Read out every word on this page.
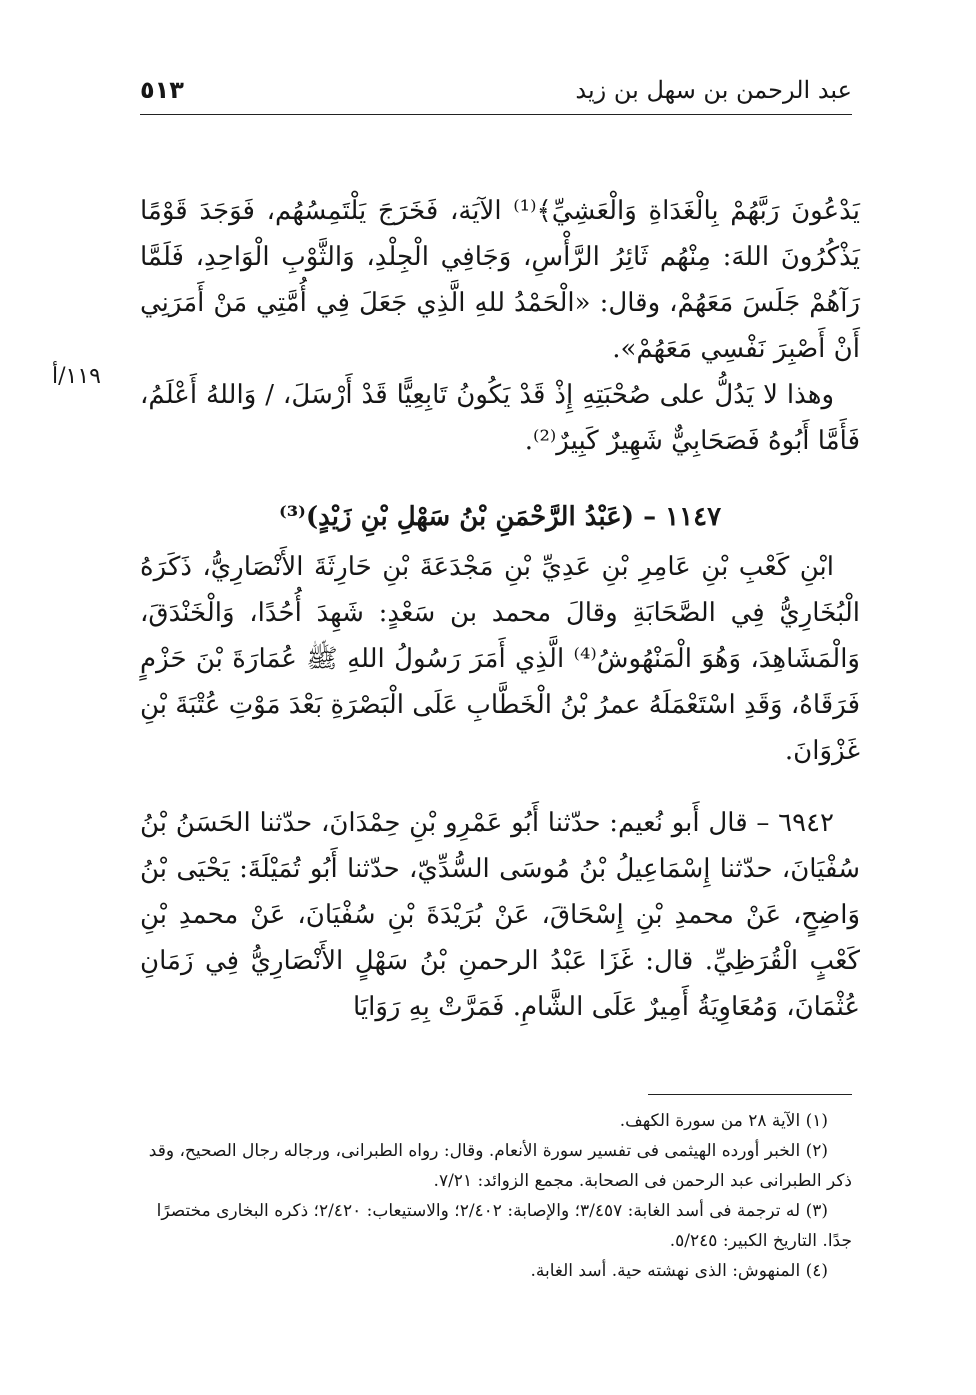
٥١٣	عبد الرحمن بن سهل بن زيد
١١٩/أ

يَدْعُونَ رَبَّهُمْ بِالْغَدَاةِ وَالْعَشِيِّ﴾⁽¹⁾ الآيَة، فَخَرَجَ يَلْتَمِسُهُم، فَوَجَدَ قَوْمًا يَذْكُرُونَ اللهَ: مِنْهُم ثَائِرُ الرَّأْسِ، وَجَافِي الْجِلْدِ، وَالثَّوْبِ الْوَاحِدِ، فَلَمَّا رَآهُمْ جَلَسَ مَعَهُمْ، وقال: «الْحَمْدُ للهِ الَّذِي جَعَلَ فِي أُمَّتِي مَنْ أَمَرَنِي أَنْ أَصْبِرَ نَفْسِي مَعَهُمْ».

وهذا لا يَدُلُّ على صُحْبَتِهِ إِذْ قَدْ يَكُونُ تَابِعِيًّا قَدْ أَرْسَلَ، / وَاللهُ أَعْلَمُ، فَأَمَّا أَبُوهُ فَصَحَابِيٌّ شَهِيرٌ كَبِيرٌ⁽²⁾.

١١٤٧ – (عَبْدُ الرَّحْمَنِ بْنُ سَهْلِ بْنِ زَيْدٍ)⁽³⁾

ابْنِ كَعْبِ بْنِ عَامِرِ بْنِ عَدِيِّ بْنِ مَجْدَعَةَ بْنِ حَارِثَةَ الأَنْصَارِيُّ، ذَكَرَهُ الْبُخَارِيُّ فِي الصَّحَابَةِ وقالَ محمد بن سَعْدٍ: شَهِدَ أُحُدًا، وَالْخَنْدَقَ، وَالْمَشَاهِدَ، وَهُوَ الْمَنْهُوشُ⁽⁴⁾ الَّذِي أَمَرَ رَسُولُ اللهِ ﷺ عُمَارَةَ بْنَ حَزْمٍ فَرَقَاهُ، وَقَدِ اسْتَعْمَلَهُ عمرُ بْنُ الْخَطَّابِ عَلَى الْبَصْرَةِ بَعْدَ مَوْتِ عُتْبَةَ بْنِ غَزْوَانَ.

٦٩٤٢ – قال أَبو نُعيم: حدّثنا أَبُو عَمْرِو بْنِ حِمْدَانَ، حدّثنا الحَسَنُ بْنُ سُفْيَانَ، حدّثنا إِسْمَاعِيلُ بْنُ مُوسَى السُّدِّيّ، حدّثنا أَبُو تُمَيْلَةَ: يَحْيَى بْنُ وَاضِحٍ، عَنْ محمدِ بْنِ إِسْحَاقَ، عَنْ بُرَيْدَةَ بْنِ سُفْيَانَ، عَنْ محمدِ بْنِ كَعْبٍ الْقُرَظِيِّ. قال: غَزَا عَبْدُ الرحمنِ بْنُ سَهْلٍ الأَنْصَارِيُّ فِي زَمَانِ عُثْمَانَ، وَمُعَاوِيَةُ أَمِيرٌ عَلَى الشَّامِ. فَمَرَّتْ بِهِ رَوَايَا

(١) الآية ٢٨ من سورة الكهف.

(٢) الخبر أورده الهيثمى فى تفسير سورة الأنعام. وقال: رواه الطبرانى، ورجاله رجال الصحيح، وقد ذكر الطبرانى عبد الرحمن فى الصحابة. مجمع الزوائد: ٧/٢١.

(٣) له ترجمة فى أسد الغابة: ٣/٤٥٧؛ والإصابة: ٢/٤٠٢؛ والاستيعاب: ٢/٤٢٠؛ ذكره البخارى مختصرًا جدًا. التاريخ الكبير: ٥/٢٤٥.

(٤) المنهوش: الذى نهشته حية. أسد الغابة.
